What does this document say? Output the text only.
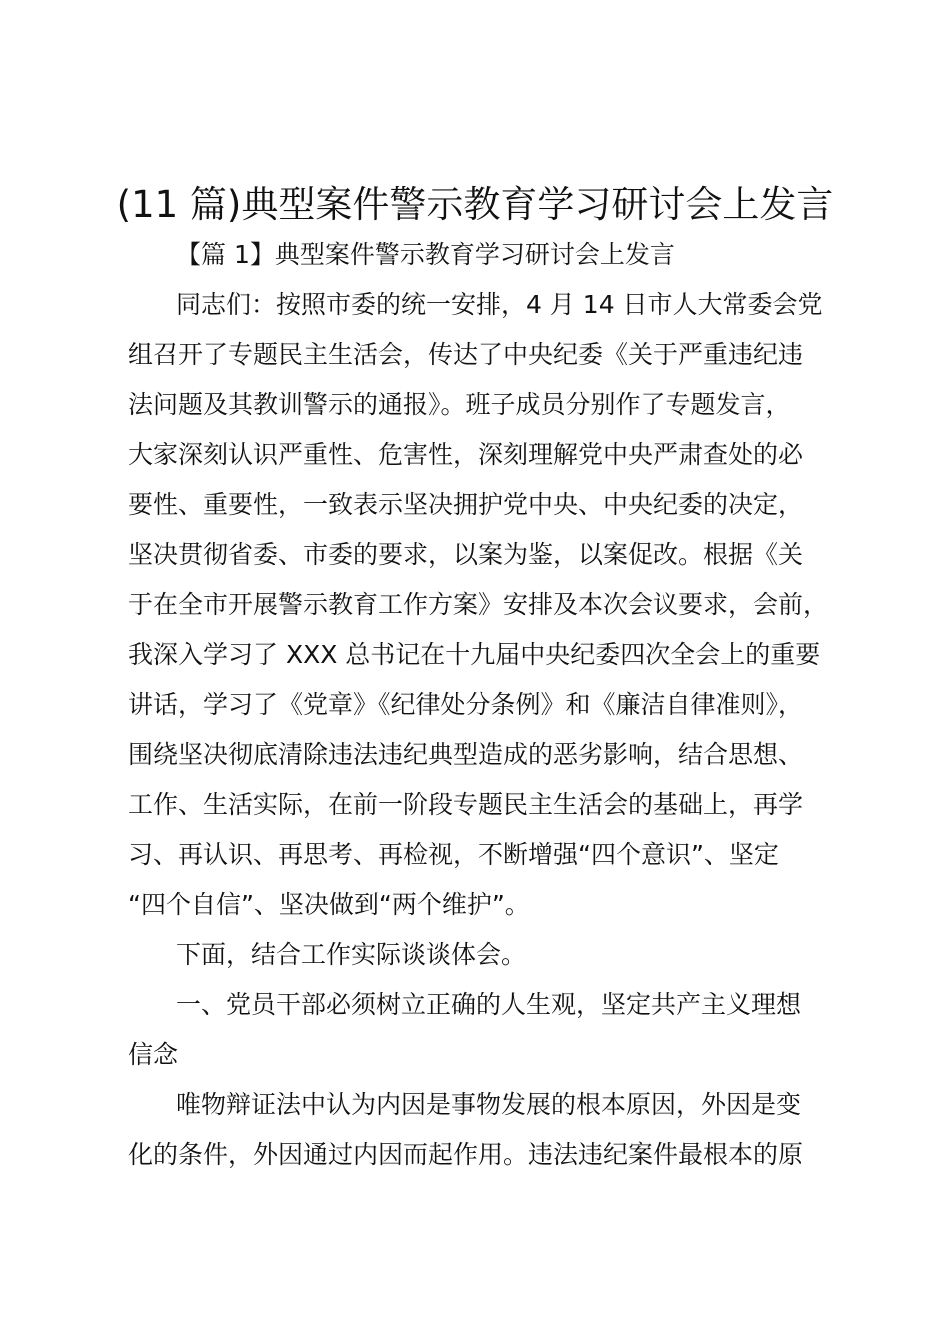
(11 篇)典型案件警示教育学习研讨会上发言

【篇 1】典型案件警示教育学习研讨会上发言

同志们：按照市委的统一安排，4 月 14 日市人大常委会党

组召开了专题民主生活会，传达了中央纪委《关于严重违纪违

法问题及其教训警示的通报》。班子成员分别作了专题发言，

大家深刻认识严重性、危害性，深刻理解党中央严肃查处的必

要性、重要性，一致表示坚决拥护党中央、中央纪委的决定，

坚决贯彻省委、市委的要求，以案为鉴，以案促改。根据《关

于在全市开展警示教育工作方案》安排及本次会议要求，会前，

我深入学习了 XXX 总书记在十九届中央纪委四次全会上的重要

讲话，学习了《党章》《纪律处分条例》和《廉洁自律准则》，

围绕坚决彻底清除违法违纪典型造成的恶劣影响，结合思想、

工作、生活实际，在前一阶段专题民主生活会的基础上，再学

习、再认识、再思考、再检视，不断增强“四个意识”、坚定

“四个自信”、坚决做到“两个维护”。

下面，结合工作实际谈谈体会。

一、党员干部必须树立正确的人生观，坚定共产主义理想

信念

唯物辩证法中认为内因是事物发展的根本原因，外因是变

化的条件，外因通过内因而起作用。违法违纪案件最根本的原
